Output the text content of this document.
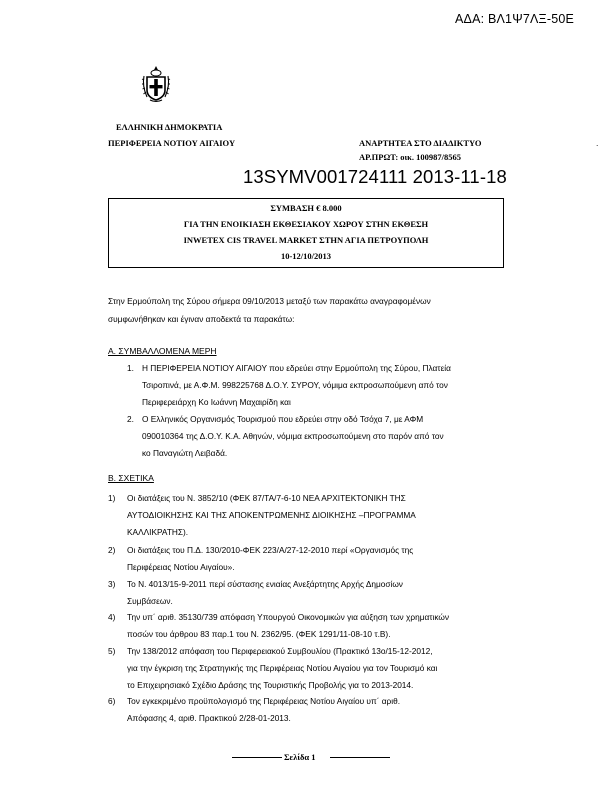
ΑΔΑ: ΒΛ1Ψ7ΛΞ-50Ε
ΕΛΛΗΝΙΚΗ ΔΗΜΟΚΡΑΤΙΑ
ΠΕΡΙΦΕΡΕΙΑ ΝΟΤΙΟΥ ΑΙΓΑΙΟΥ	ΑΝΑΡΤΗΤΕΑ ΣΤΟ ΔΙΑΔΙΚΤΥΟ
ΑΡ.ΠΡΩΤ: οικ. 100987/8565
.
13SYMV001724111 2013-11-18
ΣΥΜΒΑΣΗ € 8.000
ΓΙΑ ΤΗΝ ΕΝΟΙΚΙΑΣΗ ΕΚΘΕΣΙΑΚΟΥ ΧΩΡΟΥ ΣΤΗΝ ΕΚΘΕΣΗ
INWETEX CIS TRAVEL MARKET ΣΤΗΝ ΑΓΙΑ ΠΕΤΡΟΥΠΟΛΗ
10-12/10/2013
Στην Ερμούπολη της Σύρου σήμερα 09/10/2013 μεταξύ των παρακάτω αναγραφομένων
συμφωνήθηκαν και έγιναν αποδεκτά τα παρακάτω:
Α. ΣΥΜΒΑΛΛΟΜΕΝΑ ΜΕΡΗ
1. Η ΠΕΡΙΦΕΡΕΙΑ ΝΟΤΙΟΥ ΑΙΓΑΙΟΥ που εδρεύει στην Ερμούπολη της Σύρου, Πλατεία
Τσιροπινά, με Α.Φ.Μ. 998225768 Δ.Ο.Υ. ΣΥΡΟΥ, νόμιμα εκπροσωπούμενη από τον
Περιφερειάρχη Κο Ιωάννη Μαχαιρίδη και
2. Ο Ελληνικός Οργανισμός Τουρισμού που εδρεύει στην οδό Τσόχα 7, με ΑΦΜ
090010364 της Δ.Ο.Υ. Κ.Α. Αθηνών, νόμιμα εκπροσωπούμενη στο παρόν από τον
κο Παναγιώτη Λειβαδά.
Β. ΣΧΕΤΙΚΑ
1) Οι διατάξεις του Ν. 3852/10 (ΦΕΚ 87/ΤΑ/7-6-10 ΝΕΑ ΑΡΧΙΤΕΚΤΟΝΙΚΗ ΤΗΣ
ΑΥΤΟΔΙΟΙΚΗΣΗΣ ΚΑΙ ΤΗΣ ΑΠΟΚΕΝΤΡΩΜΕΝΗΣ ΔΙΟΙΚΗΣΗΣ –ΠΡΟΓΡΑΜΜΑ
ΚΑΛΛΙΚΡΑΤΗΣ).
2) Οι διατάξεις του Π.Δ. 130/2010-ΦΕΚ 223/Α/27-12-2010 περί «Οργανισμός της
Περιφέρειας Νοτίου Αιγαίου».
3) Το Ν. 4013/15-9-2011 περί σύστασης ενιαίας Ανεξάρτητης Αρχής Δημοσίων
Συμβάσεων.
4) Την υπ΄ αριθ. 35130/739 απόφαση Υπουργού Οικονομικών για αύξηση των χρηματικών
ποσών του άρθρου 83 παρ.1 του Ν. 2362/95. (ΦΕΚ 1291/11-08-10 τ.Β).
5) Την 138/2012 απόφαση του Περιφερειακού Συμβουλίου (Πρακτικό 13ο/15-12-2012,
για την έγκριση της Στρατηγικής της Περιφέρειας Νοτίου Αιγαίου για τον Τουρισμό και
το Επιχειρησιακό Σχέδιο Δράσης της Τουριστικής Προβολής για το 2013-2014.
6) Τον εγκεκριμένο προϋπολογισμό της Περιφέρειας Νοτίου Αιγαίου υπ΄ αριθ.
Απόφασης 4, αριθ. Πρακτικού 2/28-01-2013.
Σελίδα 1
